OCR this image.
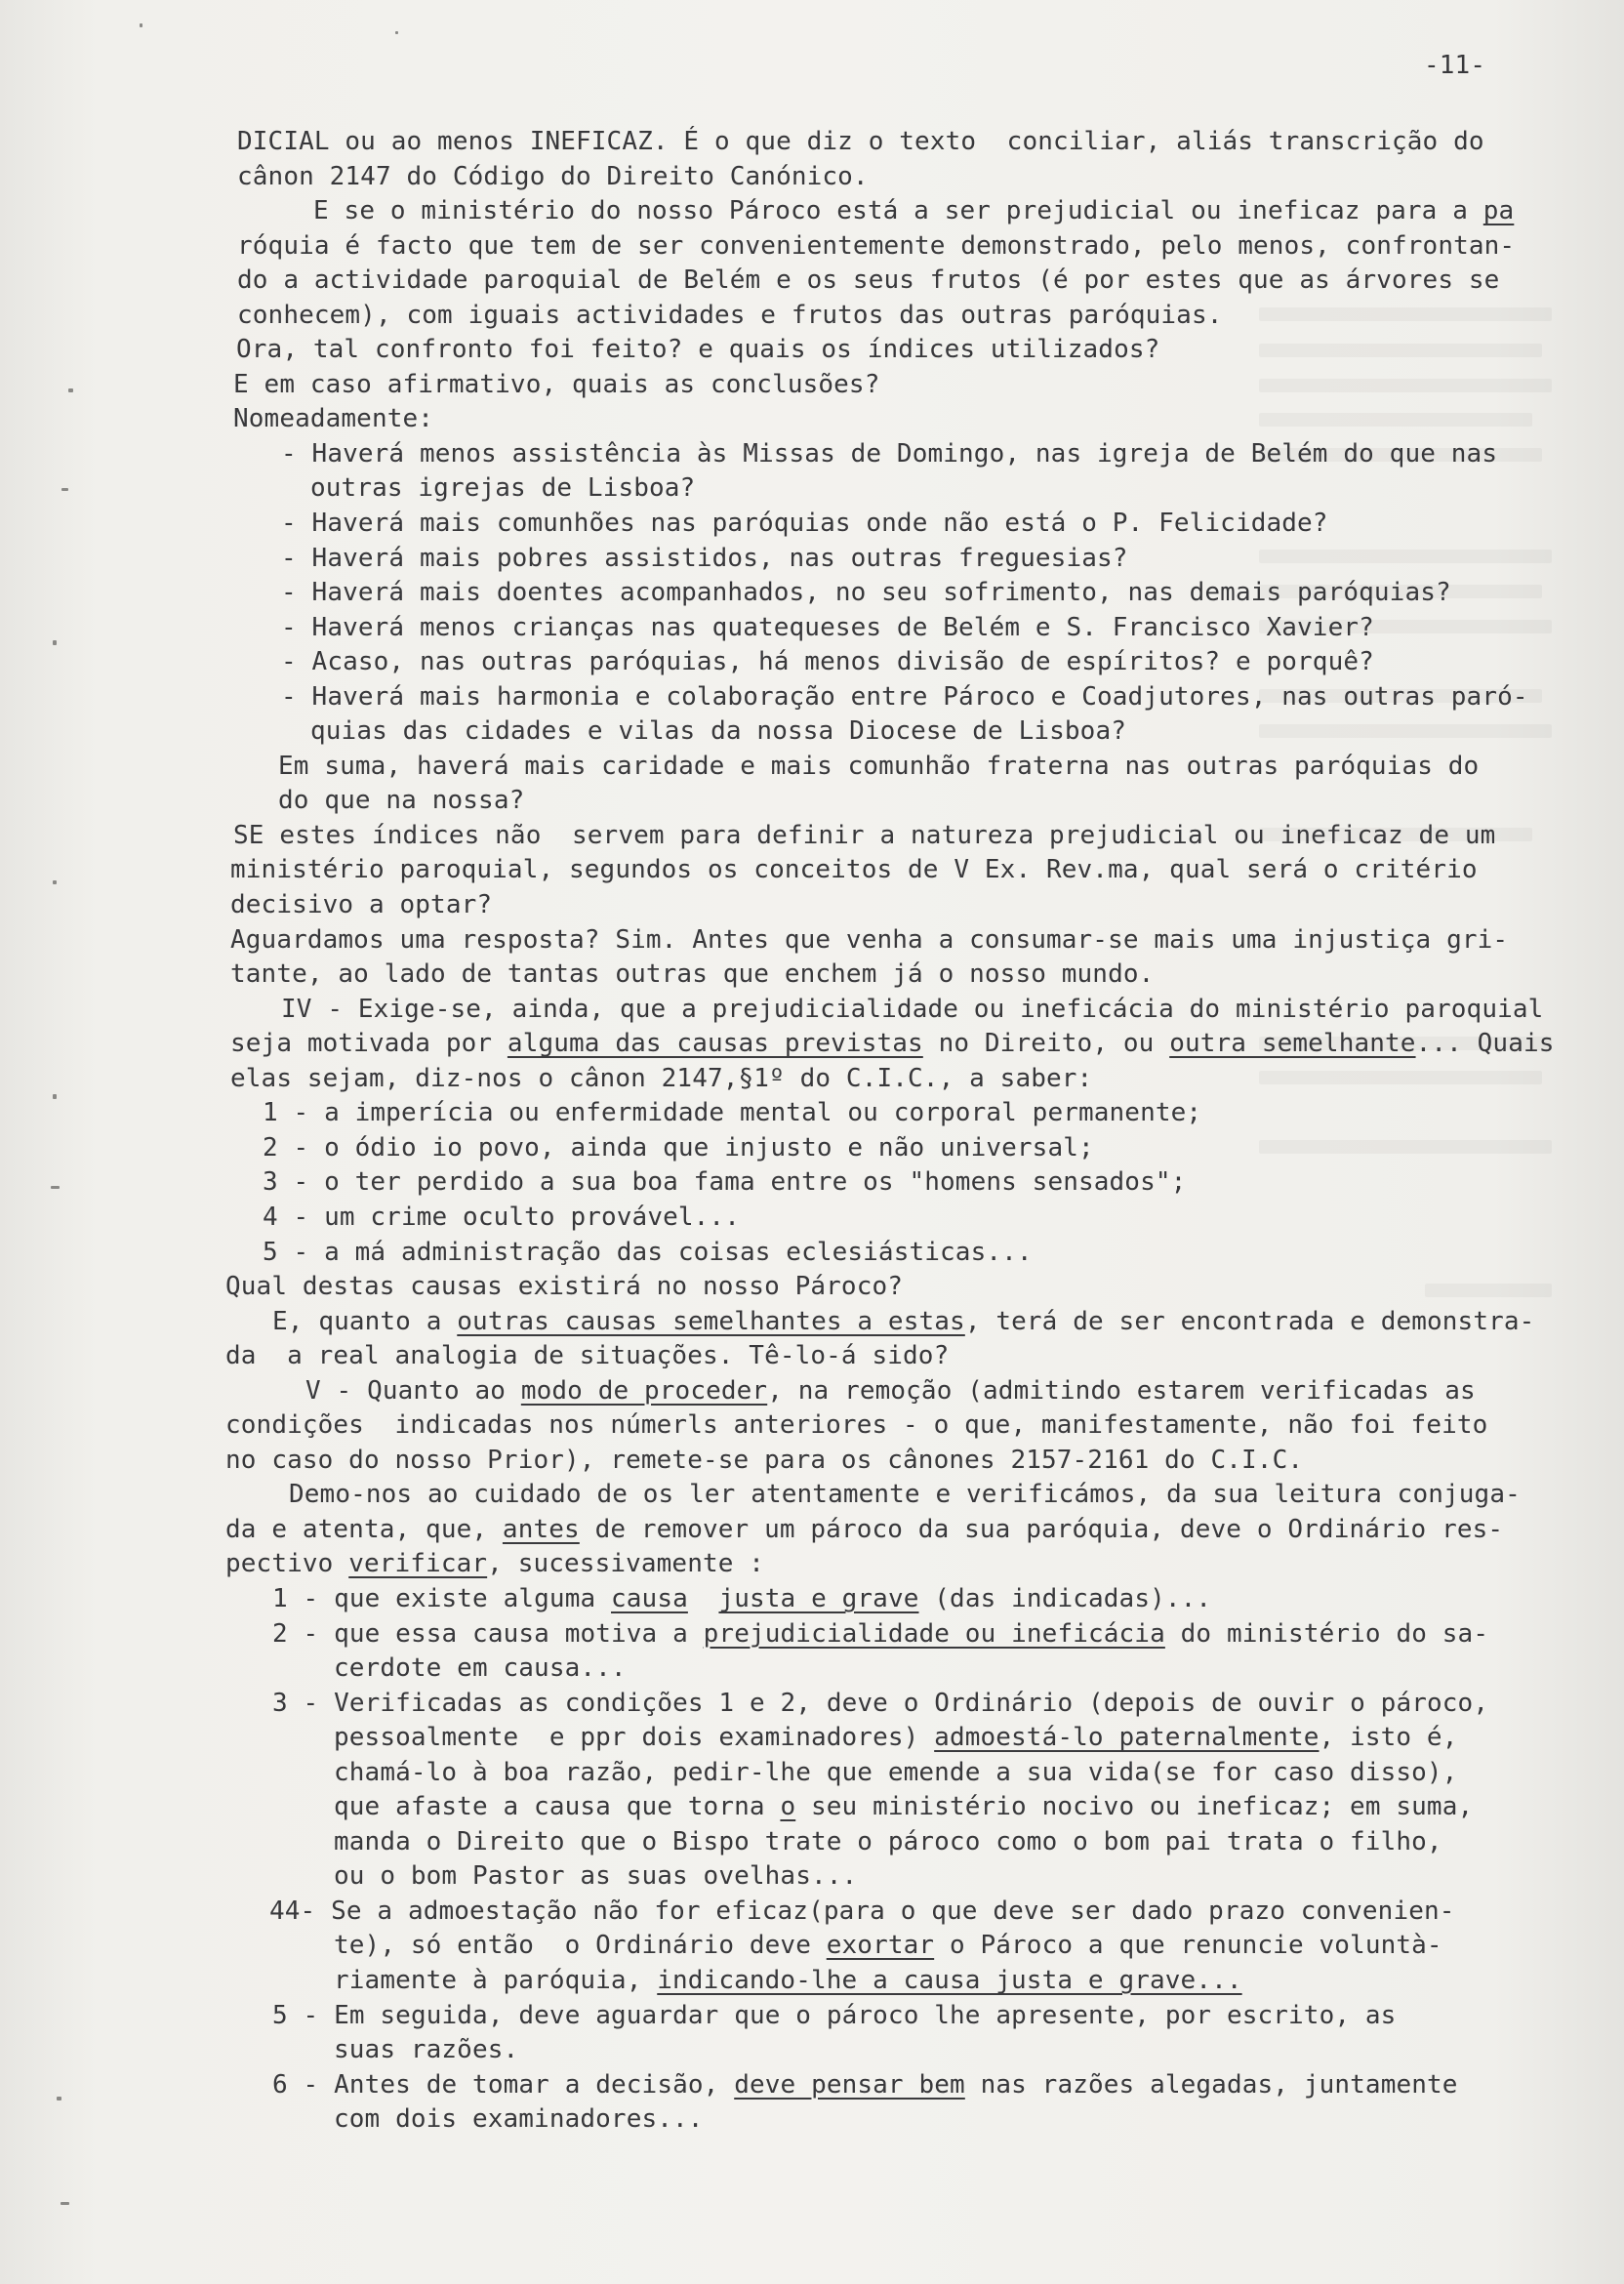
-11-
DICIAL ou ao menos INEFICAZ. É o que diz o texto  conciliar, aliás transcrição do
cânon 2147 do Código do Direito Canónico.
E se o ministério do nosso Pároco está a ser prejudicial ou ineficaz para a pa
róquia é facto que tem de ser convenientemente demonstrado, pelo menos, confrontan-
do a actividade paroquial de Belém e os seus frutos (é por estes que as árvores se
conhecem), com iguais actividades e frutos das outras paróquias.
Ora, tal confronto foi feito? e quais os índices utilizados?
E em caso afirmativo, quais as conclusões?
Nomeadamente:
- Haverá menos assistência às Missas de Domingo, nas igreja de Belém do que nas
outras igrejas de Lisboa?
- Haverá mais comunhões nas paróquias onde não está o P. Felicidade?
- Haverá mais pobres assistidos, nas outras freguesias?
- Haverá mais doentes acompanhados, no seu sofrimento, nas demais paróquias?
- Haverá menos crianças nas quatequeses de Belém e S. Francisco Xavier?
- Acaso, nas outras paróquias, há menos divisão de espíritos? e porquê?
- Haverá mais harmonia e colaboração entre Pároco e Coadjutores, nas outras paró-
quias das cidades e vilas da nossa Diocese de Lisboa?
Em suma, haverá mais caridade e mais comunhão fraterna nas outras paróquias do
do que na nossa?
SE estes índices não  servem para definir a natureza prejudicial ou ineficaz de um
ministério paroquial, segundos os conceitos de V Ex. Rev.ma, qual será o critério
decisivo a optar?
Aguardamos uma resposta? Sim. Antes que venha a consumar-se mais uma injustiça gri-
tante, ao lado de tantas outras que enchem já o nosso mundo.
IV - Exige-se, ainda, que a prejudicialidade ou ineficácia do ministério paroquial
seja motivada por alguma das causas previstas no Direito, ou outra semelhante... Quais
elas sejam, diz-nos o cânon 2147,§1º do C.I.C., a saber:
1 - a imperícia ou enfermidade mental ou corporal permanente;
2 - o ódio io povo, ainda que injusto e não universal;
3 - o ter perdido a sua boa fama entre os "homens sensados";
4 - um crime oculto provável...
5 - a má administração das coisas eclesiásticas...
Qual destas causas existirá no nosso Pároco?
E, quanto a outras causas semelhantes a estas, terá de ser encontrada e demonstra-
da  a real analogia de situações. Tê-lo-á sido?
V - Quanto ao modo de proceder, na remoção (admitindo estarem verificadas as
condições  indicadas nos númerls anteriores - o que, manifestamente, não foi feito
no caso do nosso Prior), remete-se para os cânones 2157-2161 do C.I.C.
Demo-nos ao cuidado de os ler atentamente e verificámos, da sua leitura conjuga-
da e atenta, que, antes de remover um pároco da sua paróquia, deve o Ordinário res-
pectivo verificar, sucessivamente :
1 - que existe alguma causa justa e grave (das indicadas)...
2 - que essa causa motiva a prejudicialidade ou ineficácia do ministério do sa-
cerdote em causa...
3 - Verificadas as condições 1 e 2, deve o Ordinário (depois de ouvir o pároco,
pessoalmente  e ppr dois examinadores) admoestá-lo paternalmente, isto é,
chamá-lo à boa razão, pedir-lhe que emende a sua vida(se for caso disso),
que afaste a causa que torna o seu ministério nocivo ou ineficaz; em suma,
manda o Direito que o Bispo trate o pároco como o bom pai trata o filho,
ou o bom Pastor as suas ovelhas...
44- Se a admoestação não for eficaz(para o que deve ser dado prazo convenien-
te), só então  o Ordinário deve exortar o Pároco a que renuncie voluntà-
riamente à paróquia, indicando-lhe a causa justa e grave...
5 - Em seguida, deve aguardar que o pároco lhe apresente, por escrito, as
suas razões.
6 - Antes de tomar a decisão, deve pensar bem nas razões alegadas, juntamente
com dois examinadores...
